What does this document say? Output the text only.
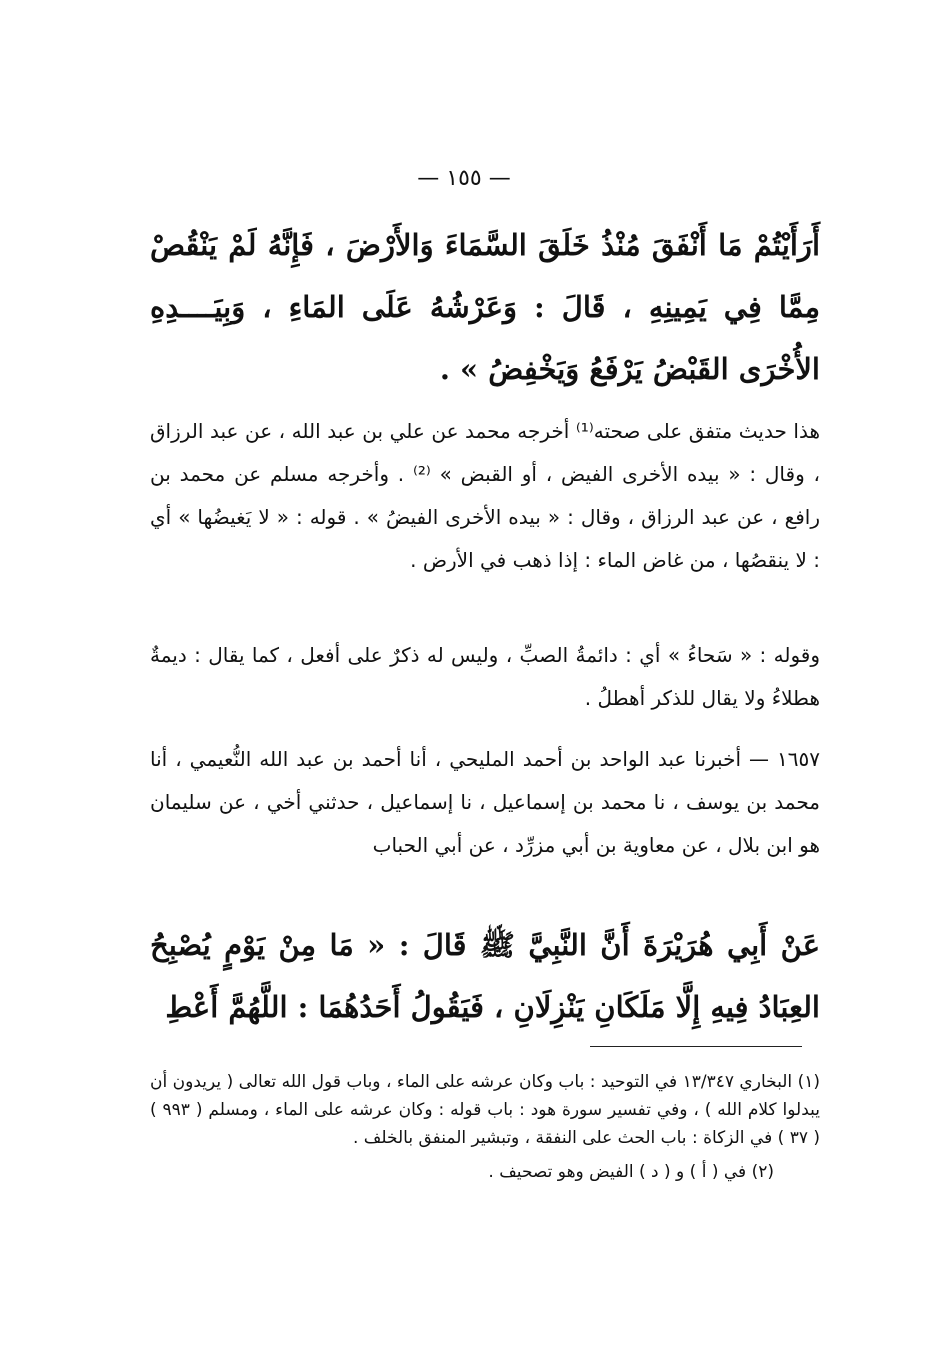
— ١٥٥ —
أَرَأَيْتُمْ مَا أَنْفَقَ مُنْذُ خَلَقَ السَّمَاءَ وَالأَرْضَ ، فَإِنَّهُ لَمْ يَنْقُصْ مِمَّا فِي يَمِينِهِ ، قَالَ : وَعَرْشُهُ عَلَى المَاءِ ، وَبِيَــــدِهِ الأُخْرَى القَبْضُ يَرْفَعُ وَيَخْفِضُ » .
هذا حديث متفق على صحته⁽¹⁾ أخرجه محمد عن علي بن عبد الله ، عن عبد الرزاق ، وقال : « بيده الأخرى الفيض ، أو القبض » ⁽²⁾ . وأخرجه مسلم عن محمد بن رافع ، عن عبد الرزاق ، وقال : « بيده الأخرى الفيضُ » . قوله : « لا يَغيضُها » أي : لا ينقصُها ، من غاض الماء : إذا ذهب في الأرض .
وقوله : « سَحاءُ » أي : دائمةُ الصبِّ ، وليس له ذكرٌ على أفعل ، كما يقال : ديمةٌ هطلاءُ ولا يقال للذكر أهطلُ .
١٦٥٧ — أخبرنا عبد الواحد بن أحمد المليحي ، أنا أحمد بن عبد الله النُّعيمي ، أنا محمد بن يوسف ، نا محمد بن إسماعيل ، نا إسماعيل ، حدثني أخي ، عن سليمان هو ابن بلال ، عن معاوية بن أبي مزرِّد ، عن أبي الحباب
عَنْ أَبِي هُرَيْرَةَ أَنَّ النَّبِيَّ ﷺ قَالَ : « مَا مِنْ يَوْمٍ يُصْبِحُ العِبَادُ فِيهِ إِلَّا مَلَكَانِ يَنْزِلَانِ ، فَيَقُولُ أَحَدُهُمَا : اللَّهُمَّ أَعْطِ

(١) البخاري ١٣/٣٤٧ في التوحيد : باب وكان عرشه على الماء ، وباب قول الله تعالى ( يريدون أن يبدلوا كلام الله ) ، وفي تفسير سورة هود : باب قوله : وكان عرشه على الماء ، ومسلم ( ٩٩٣ ) ( ٣٧ ) في الزكاة : باب الحث على النفقة ، وتبشير المنفق بالخلف .

(٢) في ( أ ) و ( د ) الفيض وهو تصحيف .
